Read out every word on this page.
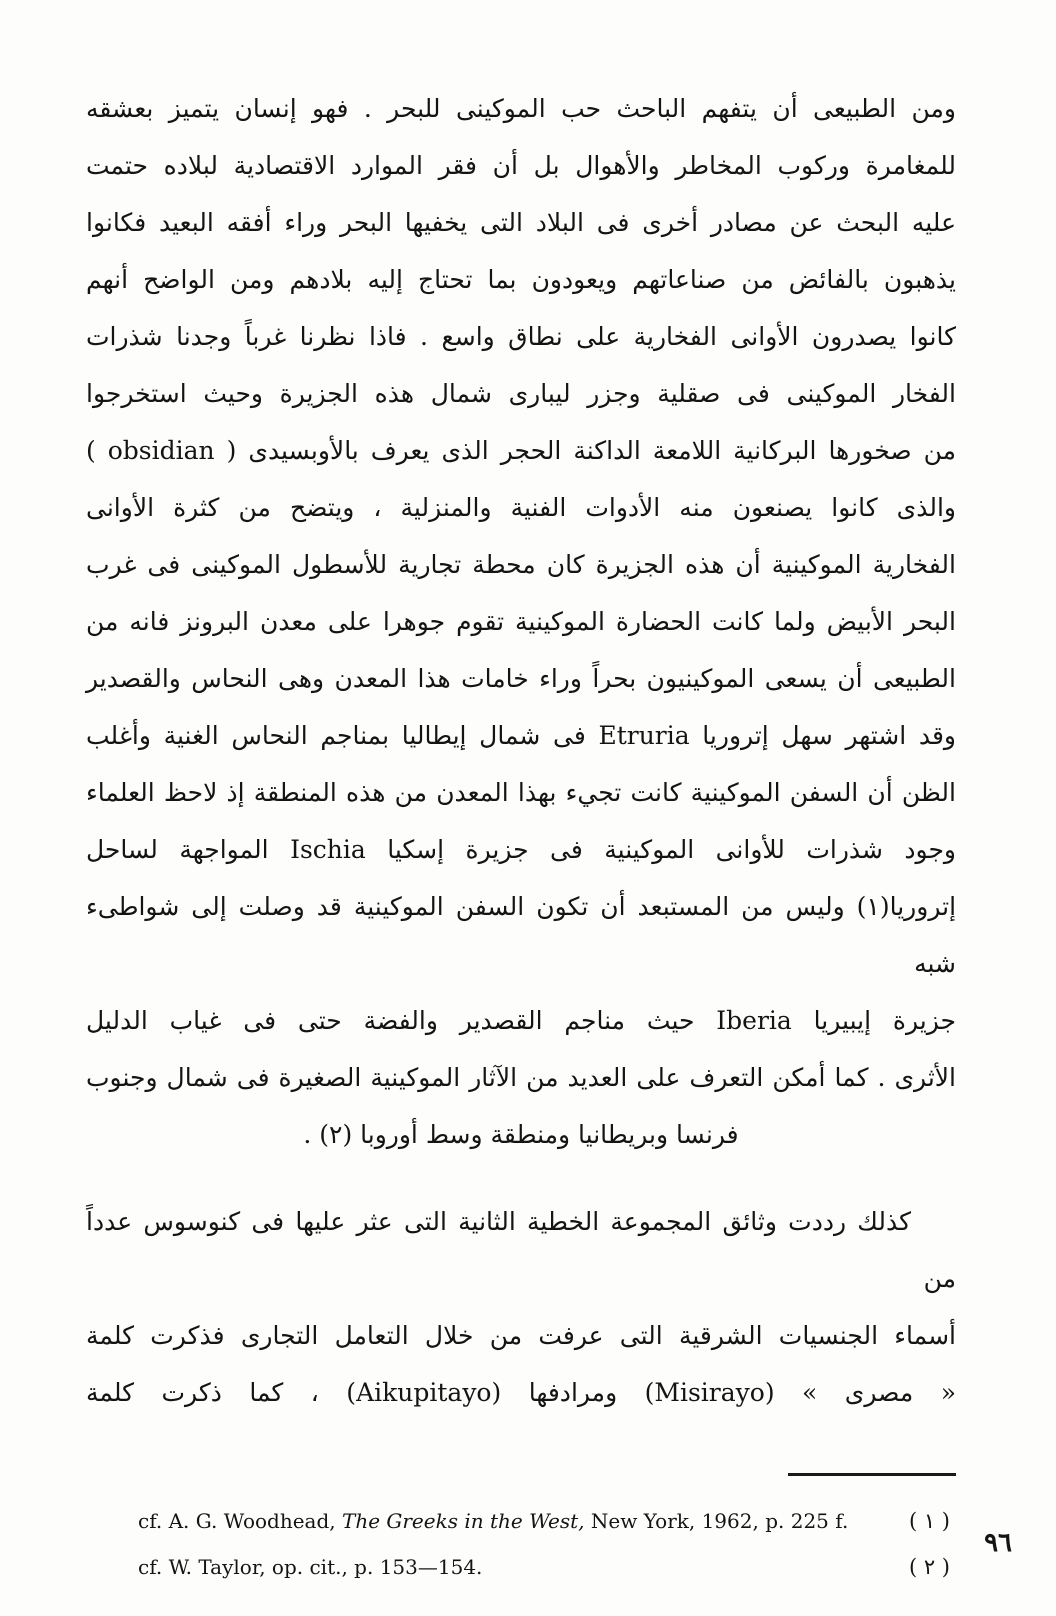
ومن الطبيعى أن يتفهم الباحث حب الموكينى للبحر . فهو إنسان يتميز بعشقه
للمغامرة وركوب المخاطر والأهوال بل أن فقر الموارد الاقتصادية لبلاده حتمت
عليه البحث عن مصادر أخرى فى البلاد التى يخفيها البحر وراء أفقه البعيد فكانوا
يذهبون بالفائض من صناعاتهم ويعودون بما تحتاج إليه بلادهم ومن الواضح أنهم
كانوا يصدرون الأوانى الفخارية على نطاق واسع . فاذا نظرنا غرباً وجدنا شذرات
الفخار الموكينى فى صقلية وجزر ليبارى شمال هذه الجزيرة وحيث استخرجوا
من صخورها البركانية اللامعة الداكنة الحجر الذى يعرف بالأوبسيدى ( obsidian )
والذى كانوا يصنعون منه الأدوات الفنية والمنزلية ، ويتضح من كثرة الأوانى
الفخارية الموكينية أن هذه الجزيرة كان محطة تجارية للأسطول الموكينى فى غرب
البحر الأبيض ولما كانت الحضارة الموكينية تقوم جوهرا على معدن البرونز فانه من
الطبيعى أن يسعى الموكينيون بحراً وراء خامات هذا المعدن وهى النحاس والقصدير
وقد اشتهر سهل إتروريا Etruria فى شمال إيطاليا بمناجم النحاس الغنية وأغلب
الظن أن السفن الموكينية كانت تجيء بهذا المعدن من هذه المنطقة إذ لاحظ العلماء
وجود شذرات للأوانى الموكينية فى جزيرة إسكيا Ischia المواجهة لساحل
إتروريا(١) وليس من المستبعد أن تكون السفن الموكينية قد وصلت إلى شواطىء شبه
جزيرة إيبيريا Iberia حيث مناجم القصدير والفضة حتى فى غياب الدليل
الأثرى . كما أمكن التعرف على العديد من الآثار الموكينية الصغيرة فى شمال وجنوب
فرنسا وبريطانيا ومنطقة وسط أوروبا (٢) .
كذلك رددت وثائق المجموعة الخطية الثانية التى عثر عليها فى كنوسوس عدداً من
أسماء الجنسيات الشرقية التى عرفت من خلال التعامل التجارى فذكرت كلمة
« مصرى » (Misirayo) ومرادفها (Aikupitayo) ، كما ذكرت كلمة
cf. A. G. Woodhead, The Greeks in the West, New York, 1962, p. 225 f.	( ١ )
cf. W. Taylor, op. cit., p. 153—154.	( ٢ )
٩٦
